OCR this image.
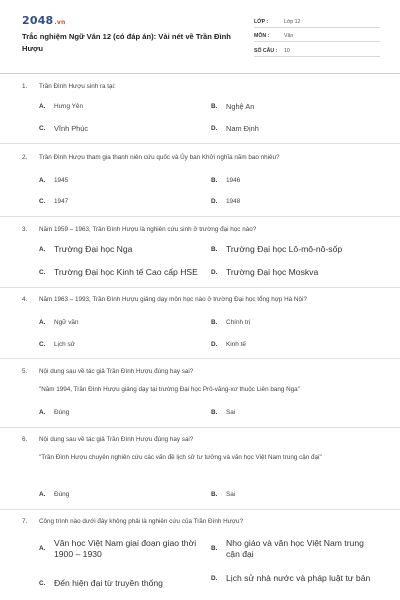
2048.vn
Trắc nghiệm Ngữ Văn 12 (có đáp án): Vài nét về Trần Đình Hượu
LỚP :	Lớp 12
MÔN :	Văn
SỐ CÂU : 10
1. Trần Đình Hượu sinh ra tại:
A.	Hưng Yên	B.	Nghệ An
C.	Vĩnh Phúc	D.	Nam Định
2. Trần Đình Hượu tham gia thanh niên cứu quốc và Ủy ban Khởi nghĩa năm bao nhiêu?
A.	1945	B.	1946
C.	1947	D.	1948
3. Năm 1959 – 1963, Trần Đình Hượu là nghiên cứu sinh ở trường đại học nào?
A. Trường Đại học Nga	B. Trường Đại học Lô-mô-nô-sốp
C. Trường Đại học Kinh tế Cao cấp HSE D. Trường Đại học Moskva
4. Năm 1963 – 1993, Trần Đình Hượu giảng dạy môn học nào ở trường Đại học tổng hợp Hà Nội?
A.	Ngữ văn	B.	Chính trị
C.	Lịch sử	D.	Kinh tế
5. Nội dung sau về tác giả Trần Đình Hượu đúng hay sai?
"Năm 1994, Trần Đình Hượu giảng dạy tại trường Đại học Prô-văng-xơ thuộc Liên bang Nga"
A.	Đúng	B.	Sai
6. Nội dung sau về tác giả Trần Đình Hượu đúng hay sai?
"Trần Đình Hượu chuyên nghiên cứu các vấn đề lịch sử tư tưởng và văn học Việt Nam trung cận đại"
A.	Đúng	B.	Sai
7. Công trình nào dưới đây không phải là nghiên cứu của Trần Đình Hượu?
A.
Văn học Việt Nam giai đoạn giao thời 1900 – 1930	B.
Nho giáo và văn học Việt Nam trung cận đại
C. Đến hiện đại từ truyền thống	D. Lịch sử nhà nước và pháp luật tư bản
